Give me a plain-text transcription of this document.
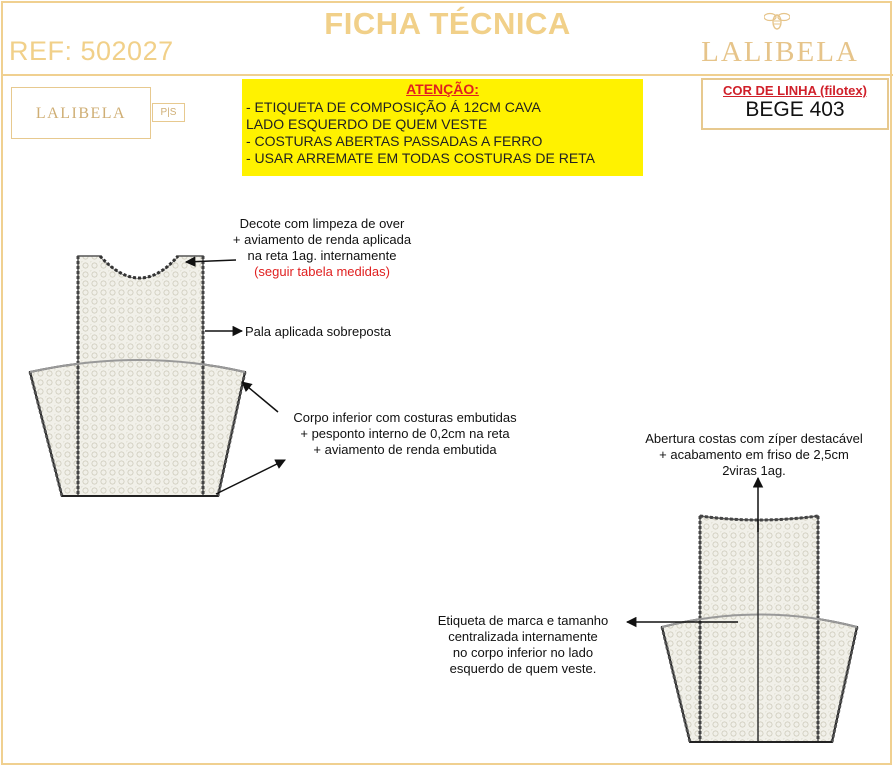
FICHA TÉCNICA
REF: 502027	LALIBELA
LALIBELA	P|S
ATENÇÃO:
- ETIQUETA DE COMPOSIÇÃO Á 12CM CAVA
LADO ESQUERDO DE QUEM VESTE
- COSTURAS ABERTAS PASSADAS A FERRO
- USAR ARREMATE EM TODAS COSTURAS DE RETA
COR DE LINHA (filotex)
BEGE 403
Decote com limpeza de over
+ aviamento de renda aplicada
na reta 1ag. internamente
(seguir tabela medidas)
Pala aplicada sobreposta
Corpo inferior com costuras embutidas
+ pesponto interno de 0,2cm na reta
+ aviamento de renda embutida
Abertura costas com zíper destacável
+ acabamento em friso de 2,5cm
2viras 1ag.
Etiqueta de marca e tamanho
centralizada internamente
no corpo inferior no lado
esquerdo de quem veste.
